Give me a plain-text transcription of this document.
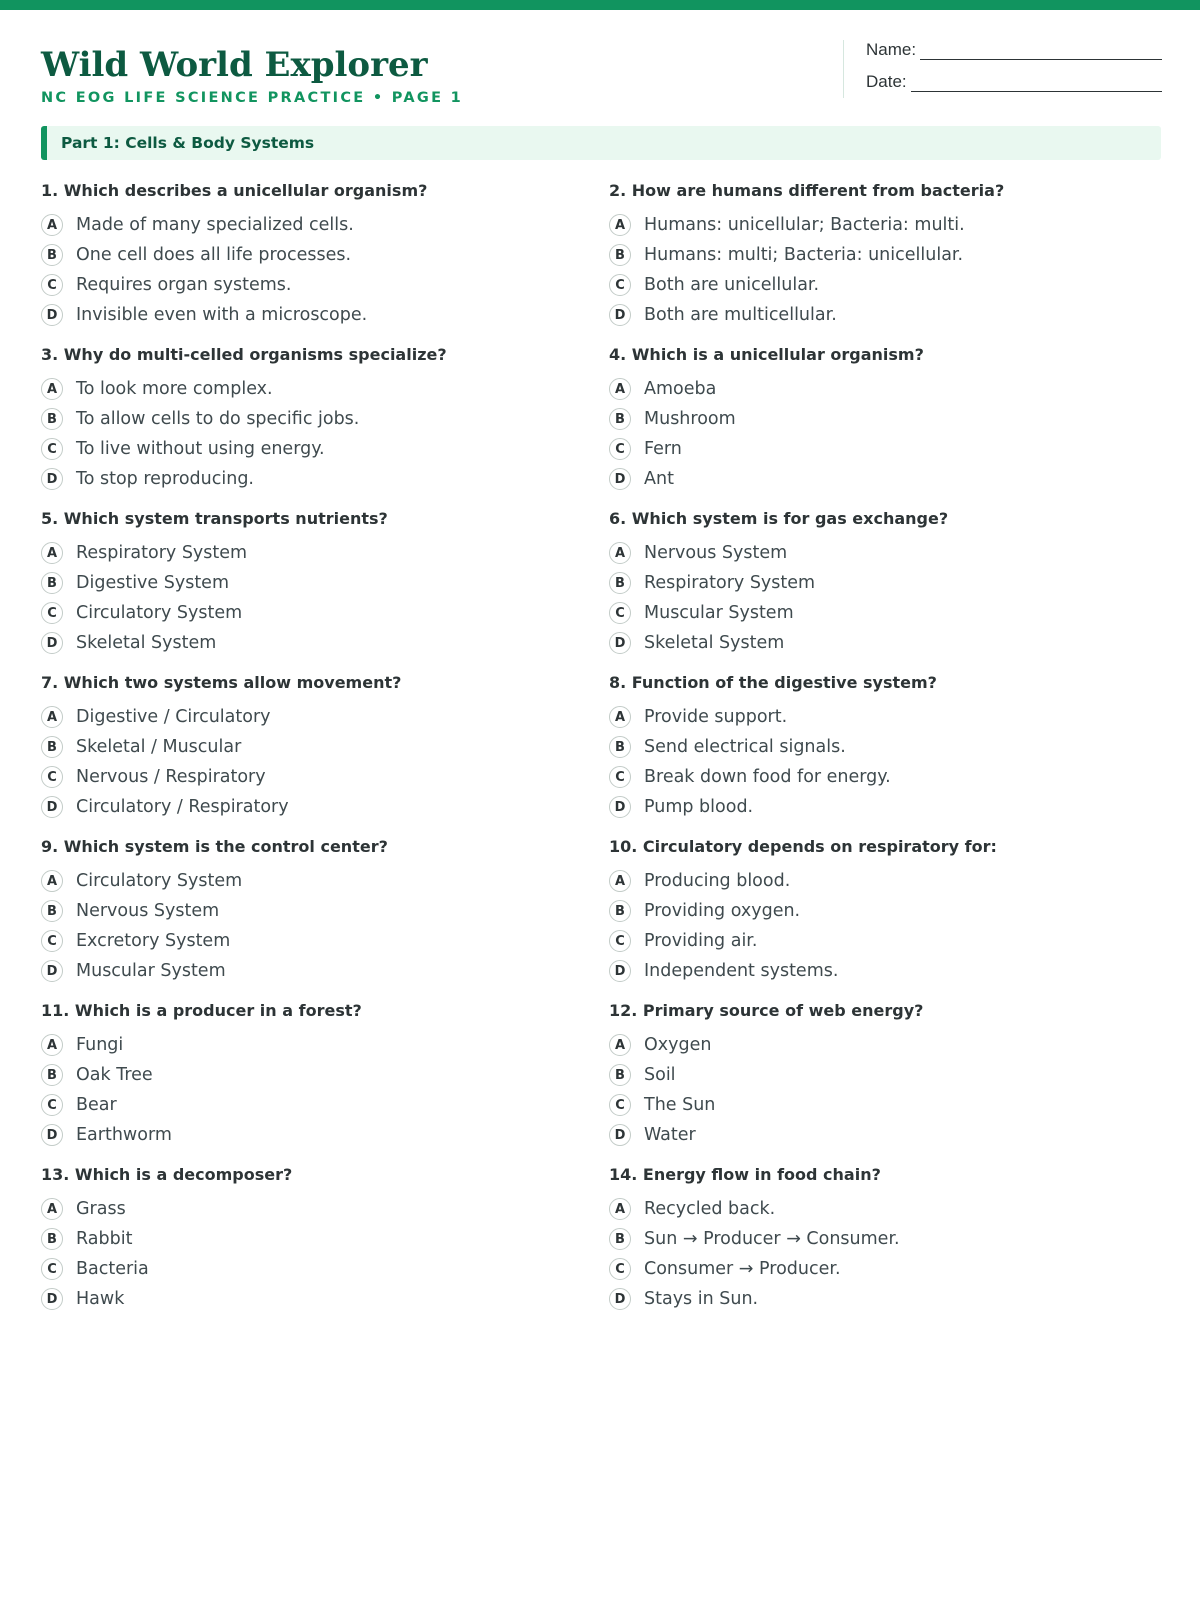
Wild World Explorer
NC EOG LIFE SCIENCE PRACTICE • PAGE 1
Name:
Date:
Part 1: Cells & Body Systems
1. Which describes a unicellular organism?
A	Made of many specialized cells.
B	One cell does all life processes.
C	Requires organ systems.
D	Invisible even with a microscope.
2. How are humans different from bacteria?
A	Humans: unicellular; Bacteria: multi.
B	Humans: multi; Bacteria: unicellular.
C	Both are unicellular.
D	Both are multicellular.
3. Why do multi-celled organisms specialize?
A	To look more complex.
B	To allow cells to do specific jobs.
C	To live without using energy.
D	To stop reproducing.
4. Which is a unicellular organism?
A	Amoeba
B	Mushroom
C	Fern
D	Ant
5. Which system transports nutrients?
A	Respiratory System
B	Digestive System
C	Circulatory System
D	Skeletal System
6. Which system is for gas exchange?
A	Nervous System
B	Respiratory System
C	Muscular System
D	Skeletal System
7. Which two systems allow movement?
A	Digestive / Circulatory
B	Skeletal / Muscular
C	Nervous / Respiratory
D	Circulatory / Respiratory
8. Function of the digestive system?
A	Provide support.
B	Send electrical signals.
C	Break down food for energy.
D	Pump blood.
9. Which system is the control center?
A	Circulatory System
B	Nervous System
C	Excretory System
D	Muscular System
10. Circulatory depends on respiratory for:
A	Producing blood.
B	Providing oxygen.
C	Providing air.
D	Independent systems.
11. Which is a producer in a forest?
A	Fungi
B	Oak Tree
C	Bear
D	Earthworm
12. Primary source of web energy?
A	Oxygen
B	Soil
C	The Sun
D	Water
13. Which is a decomposer?
A	Grass
B	Rabbit
C	Bacteria
D	Hawk
14. Energy flow in food chain?
A	Recycled back.
B	Sun → Producer → Consumer.
C	Consumer → Producer.
D	Stays in Sun.
